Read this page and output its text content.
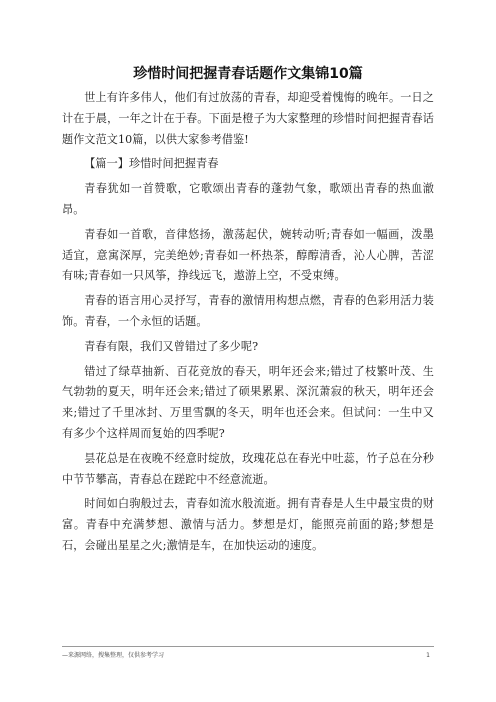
珍惜时间把握青春话题作文集锦10篇

世上有许多伟人，他们有过放荡的青春，却迎受着愧悔的晚年。一日之计在于晨，一年之计在于春。下面是橙子为大家整理的珍惜时间把握青春话题作文范文10篇，以供大家参考借鉴!

【篇一】珍惜时间把握青春

青春犹如一首赞歌，它歌颂出青春的蓬勃气象，歌颂出青春的热血澈昂。

青春如一首歌，音律悠扬，激荡起伏，婉转动听;青春如一幅画，泼墨适宜，意寓深厚，完美绝妙;青春如一杯热茶，醇醇清香，沁人心脾，苦涩有味;青春如一只风筝，挣线远飞，遨游上空，不受束缚。

青春的语言用心灵抒写，青春的激情用构想点燃，青春的色彩用活力装饰。青春，一个永恒的话题。

青春有限，我们又曾错过了多少呢?

错过了绿草抽新、百花竞放的春天，明年还会来;错过了枝繁叶茂、生气勃勃的夏天，明年还会来;错过了硕果累累、深沉萧寂的秋天，明年还会来;错过了千里冰封、万里雪飘的冬天，明年也还会来。但试问：一生中又有多少个这样周而复始的四季呢?

昙花总是在夜晚不经意时绽放，玫瑰花总在春光中吐蕊，竹子总在分秒中节节攀高，青春总在蹉跎中不经意流逝。

时间如白驹般过去，青春如流水般流逝。拥有青春是人生中最宝贵的财富。青春中充满梦想、激情与活力。梦想是灯，能照亮前面的路;梦想是石，会碰出星星之火;激情是车，在加快运动的速度。

—来源网络，搜集整理，仅供参考学习	1
